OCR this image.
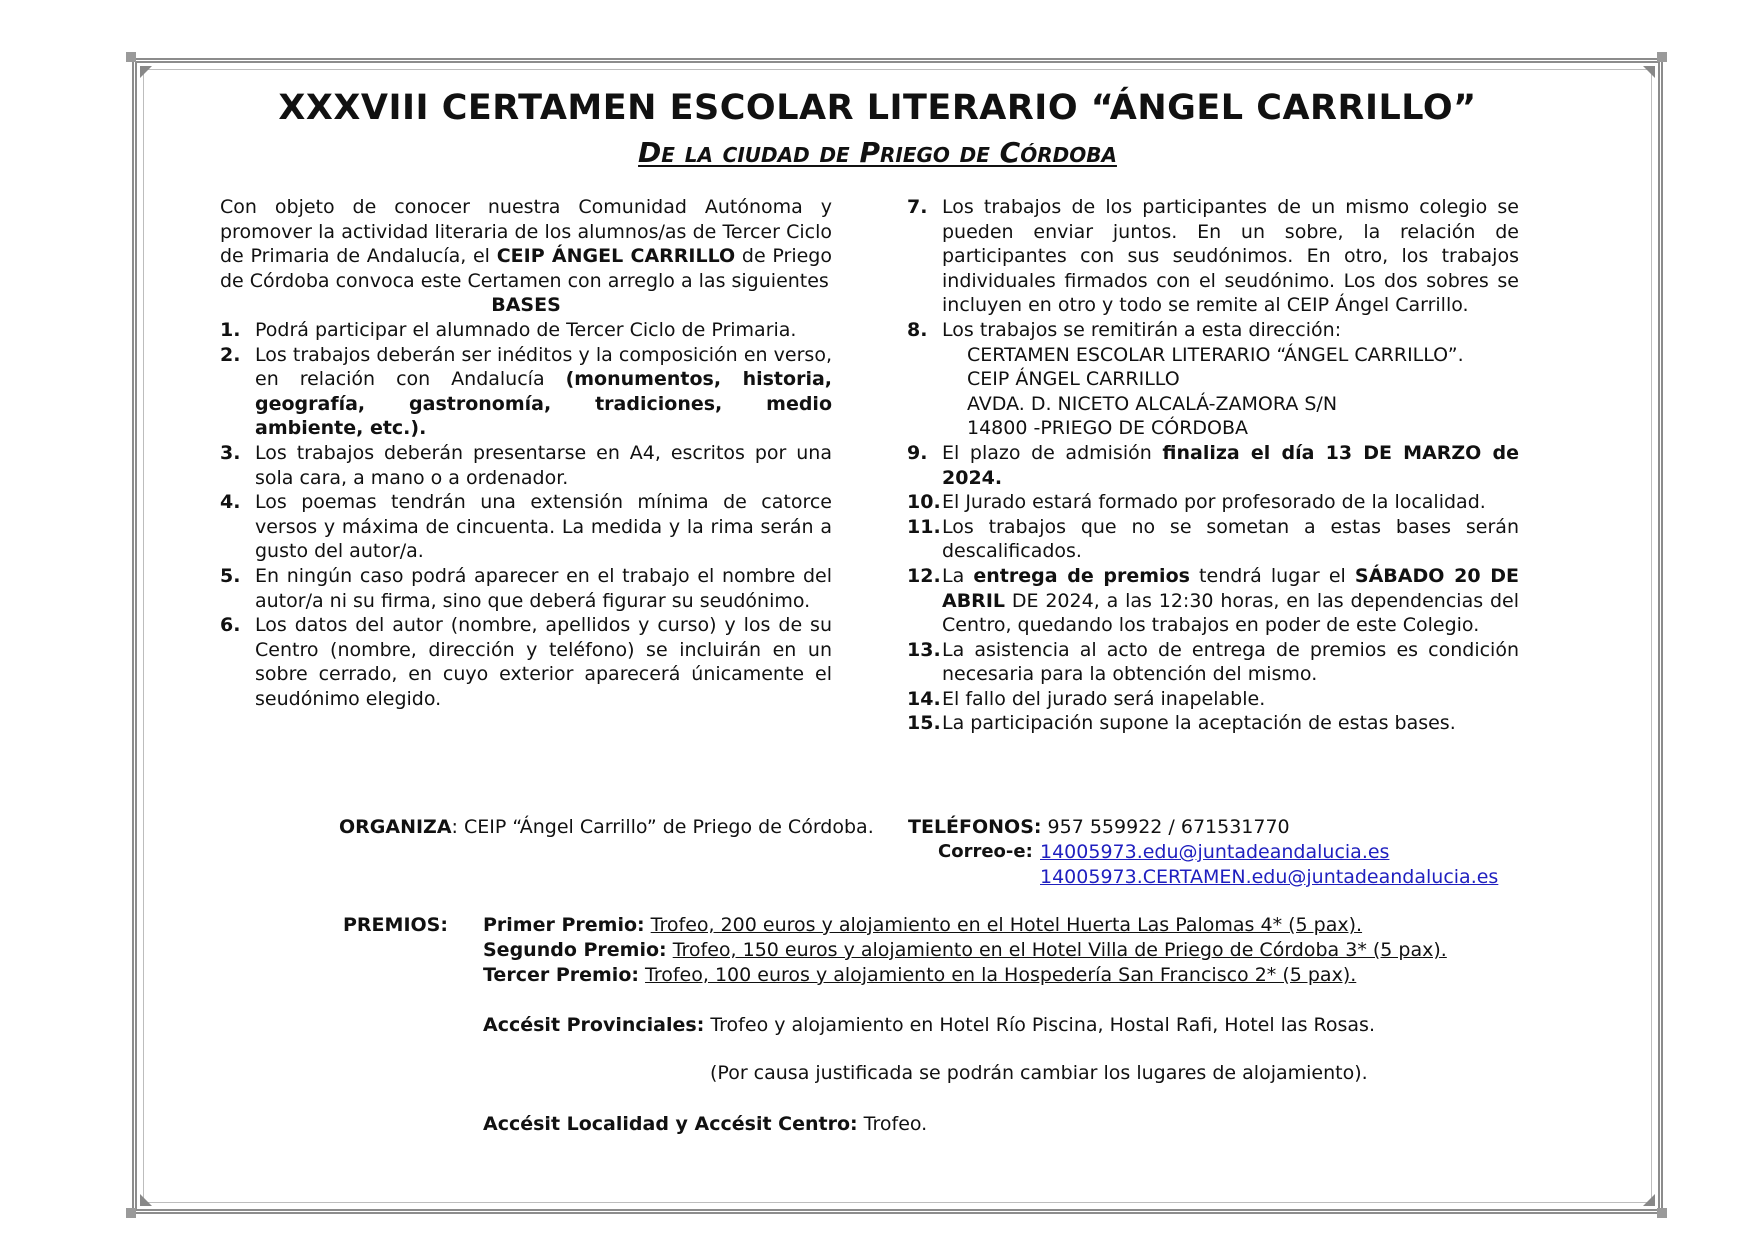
XXXVIII CERTAMEN ESCOLAR LITERARIO “ÁNGEL CARRILLO”
De la ciudad de Priego de Córdoba
Con objeto de conocer nuestra Comunidad Autónoma y promover la actividad literaria de los alumnos/as de Tercer Ciclo de Primaria de Andalucía, el CEIP ÁNGEL CARRILLO de Priego de Córdoba convoca este Certamen con arreglo a las siguientes
BASES
1. Podrá participar el alumnado de Tercer Ciclo de Primaria.
2. Los trabajos deberán ser inéditos y la composición en verso, en relación con Andalucía (monumentos, historia, geografía, gastronomía, tradiciones, medio ambiente, etc.).
3. Los trabajos deberán presentarse en A4, escritos por una sola cara, a mano o a ordenador.
4. Los poemas tendrán una extensión mínima de catorce versos y máxima de cincuenta. La medida y la rima serán a gusto del autor/a.
5. En ningún caso podrá aparecer en el trabajo el nombre del autor/a ni su firma, sino que deberá figurar su seudónimo.
6. Los datos del autor (nombre, apellidos y curso) y los de su Centro (nombre, dirección y teléfono) se incluirán en un sobre cerrado, en cuyo exterior aparecerá únicamente el seudónimo elegido.
7. Los trabajos de los participantes de un mismo colegio se pueden enviar juntos. En un sobre, la relación de participantes con sus seudónimos. En otro, los trabajos individuales firmados con el seudónimo. Los dos sobres se incluyen en otro y todo se remite al CEIP Ángel Carrillo.
8. Los trabajos se remitirán a esta dirección:
CERTAMEN ESCOLAR LITERARIO “ÁNGEL CARRILLO”.
CEIP ÁNGEL CARRILLO
AVDA. D. NICETO ALCALÁ-ZAMORA S/N
14800 -PRIEGO DE CÓRDOBA
9. El plazo de admisión finaliza el día 13 DE MARZO de 2024.
10. El Jurado estará formado por profesorado de la localidad.
11. Los trabajos que no se sometan a estas bases serán descalificados.
12. La entrega de premios tendrá lugar el SÁBADO 20 DE ABRIL DE 2024, a las 12:30 horas, en las dependencias del Centro, quedando los trabajos en poder de este Colegio.
13. La asistencia al acto de entrega de premios es condición necesaria para la obtención del mismo.
14. El fallo del jurado será inapelable.
15. La participación supone la aceptación de estas bases.
ORGANIZA: CEIP “Ángel Carrillo” de Priego de Córdoba. TELÉFONOS: 957 559922 / 671531770
Correo-e: 14005973.edu@juntadeandalucia.es
14005973.CERTAMEN.edu@juntadeandalucia.es
PREMIOS: Primer Premio: Trofeo, 200 euros y alojamiento en el Hotel Huerta Las Palomas 4* (5 pax).
Segundo Premio: Trofeo, 150 euros y alojamiento en el Hotel Villa de Priego de Córdoba 3* (5 pax).
Tercer Premio: Trofeo, 100 euros y alojamiento en la Hospedería San Francisco 2* (5 pax).
Accésit Provinciales: Trofeo y alojamiento en Hotel Río Piscina, Hostal Rafi, Hotel las Rosas.
(Por causa justificada se podrán cambiar los lugares de alojamiento).
Accésit Localidad y Accésit Centro: Trofeo.
